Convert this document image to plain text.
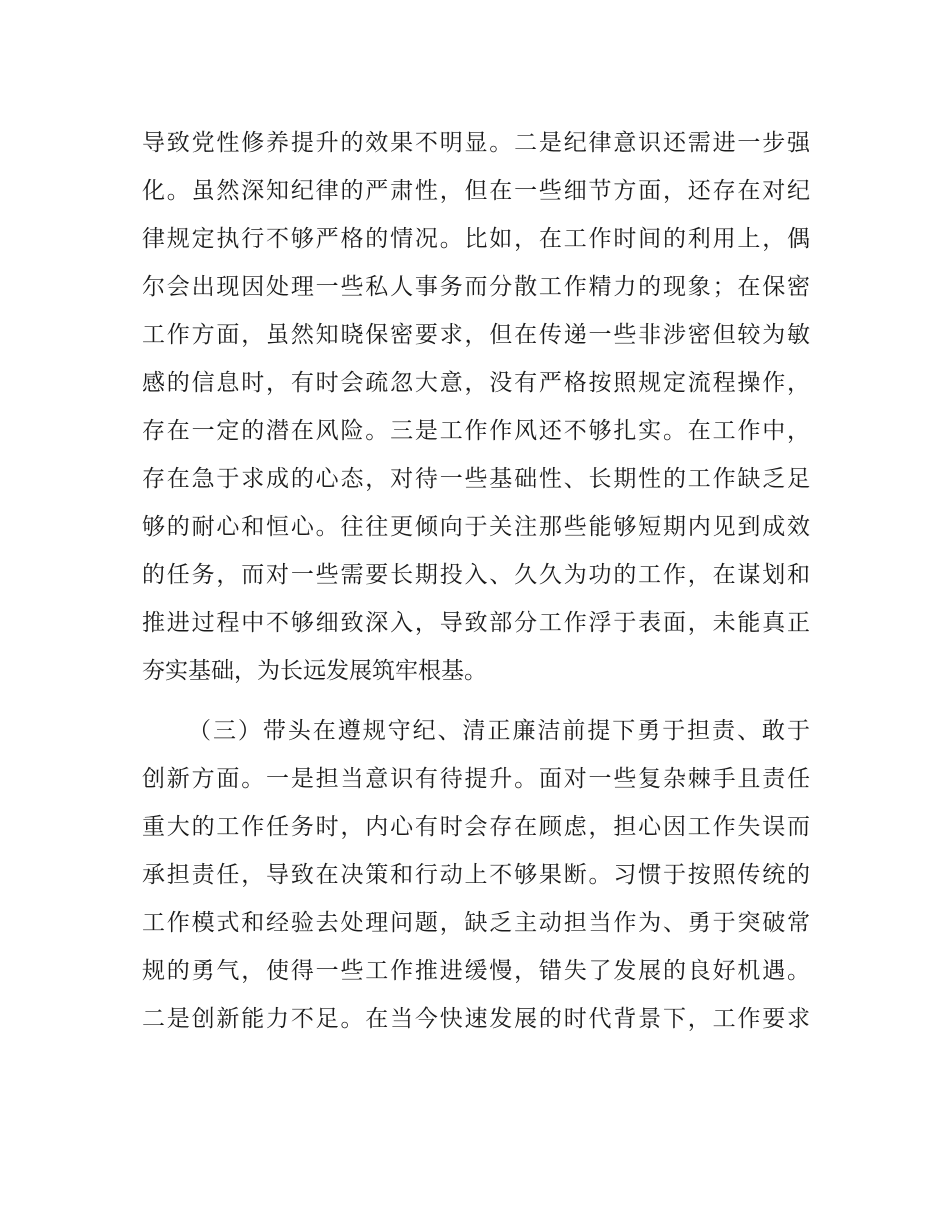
导致党性修养提升的效果不明显。二是纪律意识还需进一步强
化。虽然深知纪律的严肃性，但在一些细节方面，还存在对纪
律规定执行不够严格的情况。比如，在工作时间的利用上，偶
尔会出现因处理一些私人事务而分散工作精力的现象；在保密
工作方面，虽然知晓保密要求，但在传递一些非涉密但较为敏
感的信息时，有时会疏忽大意，没有严格按照规定流程操作，
存在一定的潜在风险。三是工作作风还不够扎实。在工作中，
存在急于求成的心态，对待一些基础性、长期性的工作缺乏足
够的耐心和恒心。往往更倾向于关注那些能够短期内见到成效
的任务，而对一些需要长期投入、久久为功的工作，在谋划和
推进过程中不够细致深入，导致部分工作浮于表面，未能真正
夯实基础，为长远发展筑牢根基。
（三）带头在遵规守纪、清正廉洁前提下勇于担责、敢于
创新方面。一是担当意识有待提升。面对一些复杂棘手且责任
重大的工作任务时，内心有时会存在顾虑，担心因工作失误而
承担责任，导致在决策和行动上不够果断。习惯于按照传统的
工作模式和经验去处理问题，缺乏主动担当作为、勇于突破常
规的勇气，使得一些工作推进缓慢，错失了发展的良好机遇。
二是创新能力不足。在当今快速发展的时代背景下，工作要求
